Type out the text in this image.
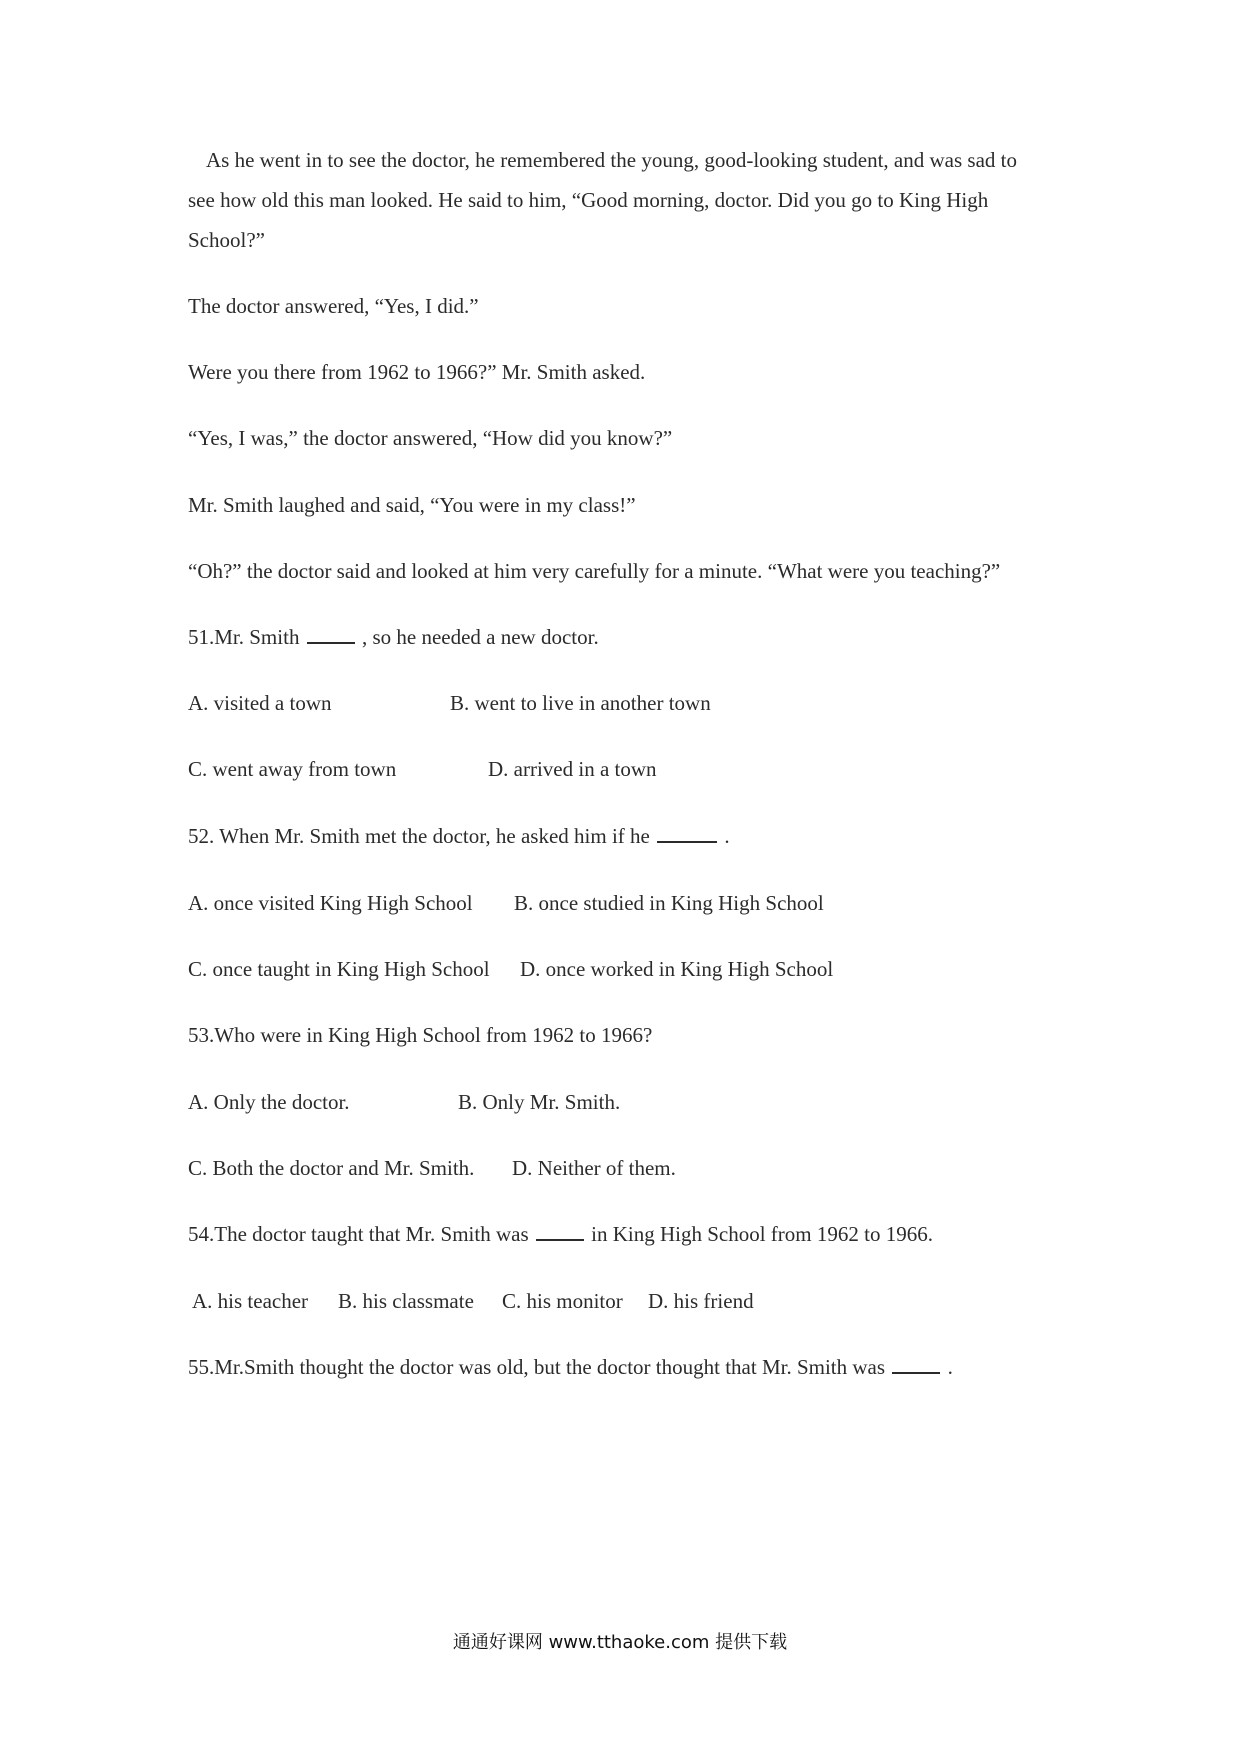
As he went in to see the doctor, he remembered the young, good-looking student, and was sad to
see how old this man looked. He said to him, “Good morning, doctor. Did you go to King High
School?”
The doctor answered, “Yes, I did.”
Were you there from 1962 to 1966?” Mr. Smith asked.
“Yes, I was,” the doctor answered, “How did you know?”
Mr. Smith laughed and said, “You were in my class!”
“Oh?” the doctor said and looked at him very carefully for a minute. “What were you teaching?”
51.Mr. Smith	, so he needed a new doctor.
A. visited a town	B. went to live in another town
C. went away from town	D. arrived in a town
52. When Mr. Smith met the doctor, he asked him if he	.
A. once visited King High School B. once studied in King High School
C. once taught in King High School D. once worked in King High School
53.Who were in King High School from 1962 to 1966?
A. Only the doctor.	B. Only Mr. Smith.
C. Both the doctor and Mr. Smith. D. Neither of them.
54.The doctor taught that Mr. Smith was	in King High School from 1962 to 1966.
A. his teacher B. his classmate C. his monitor D. his friend
55.Mr.Smith thought the doctor was old, but the doctor thought that Mr. Smith was	.
通通好课网 www.tthaoke.com 提供下载
